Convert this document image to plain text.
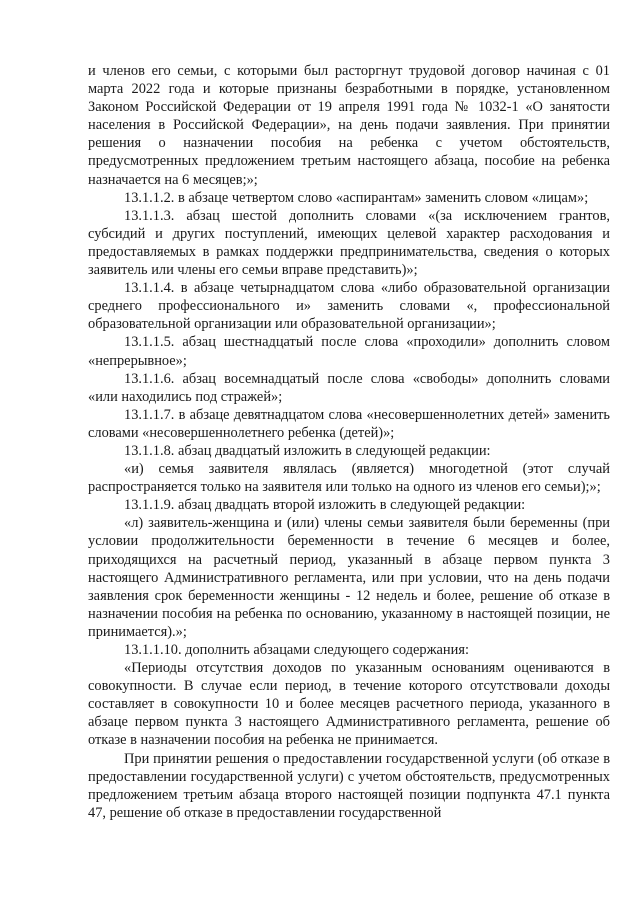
и членов его семьи, с которыми был расторгнут трудовой договор начиная с 01 марта 2022 года и которые признаны безработными в порядке, установленном Законом Российской Федерации от 19 апреля 1991 года № 1032-1 «О занятости населения в Российской Федерации», на день подачи заявления. При принятии решения о назначении пособия на ребенка с учетом обстоятельств, предусмотренных предложением третьим настоящего абзаца, пособие на ребенка назначается на 6 месяцев;»;

13.1.1.2. в абзаце четвертом слово «аспирантам» заменить словом «лицам»;

13.1.1.3. абзац шестой дополнить словами «(за исключением грантов, субсидий и других поступлений, имеющих целевой характер расходования и предоставляемых в рамках поддержки предпринимательства, сведения о которых заявитель или члены его семьи вправе представить)»;

13.1.1.4. в абзаце четырнадцатом слова «либо образовательной организации среднего профессионального и» заменить словами «, профессиональной образовательной организации или образовательной организации»;

13.1.1.5. абзац шестнадцатый после слова «проходили» дополнить словом «непрерывное»;

13.1.1.6. абзац восемнадцатый после слова «свободы» дополнить словами «или находились под стражей»;

13.1.1.7. в абзаце девятнадцатом слова «несовершеннолетних детей» заменить словами «несовершеннолетнего ребенка (детей)»;

13.1.1.8. абзац двадцатый изложить в следующей редакции:

«и) семья заявителя являлась (является) многодетной (этот случай распространяется только на заявителя или только на одного из членов его семьи);»;

13.1.1.9. абзац двадцать второй изложить в следующей редакции:

«л) заявитель-женщина и (или) члены семьи заявителя были беременны (при условии продолжительности беременности в течение 6 месяцев и более, приходящихся на расчетный период, указанный в абзаце первом пункта 3 настоящего Административного регламента, или при условии, что на день подачи заявления срок беременности женщины - 12 недель и более, решение об отказе в назначении пособия на ребенка по основанию, указанному в настоящей позиции, не принимается).»;

13.1.1.10. дополнить абзацами следующего содержания:

«Периоды отсутствия доходов по указанным основаниям оцениваются в совокупности. В случае если период, в течение которого отсутствовали доходы составляет в совокупности 10 и более месяцев расчетного периода, указанного в абзаце первом пункта 3 настоящего Административного регламента, решение об отказе в назначении пособия на ребенка не принимается.

При принятии решения о предоставлении государственной услуги (об отказе в предоставлении государственной услуги) с учетом обстоятельств, предусмотренных предложением третьим абзаца второго настоящей позиции подпункта 47.1 пункта 47, решение об отказе в предоставлении государственной
